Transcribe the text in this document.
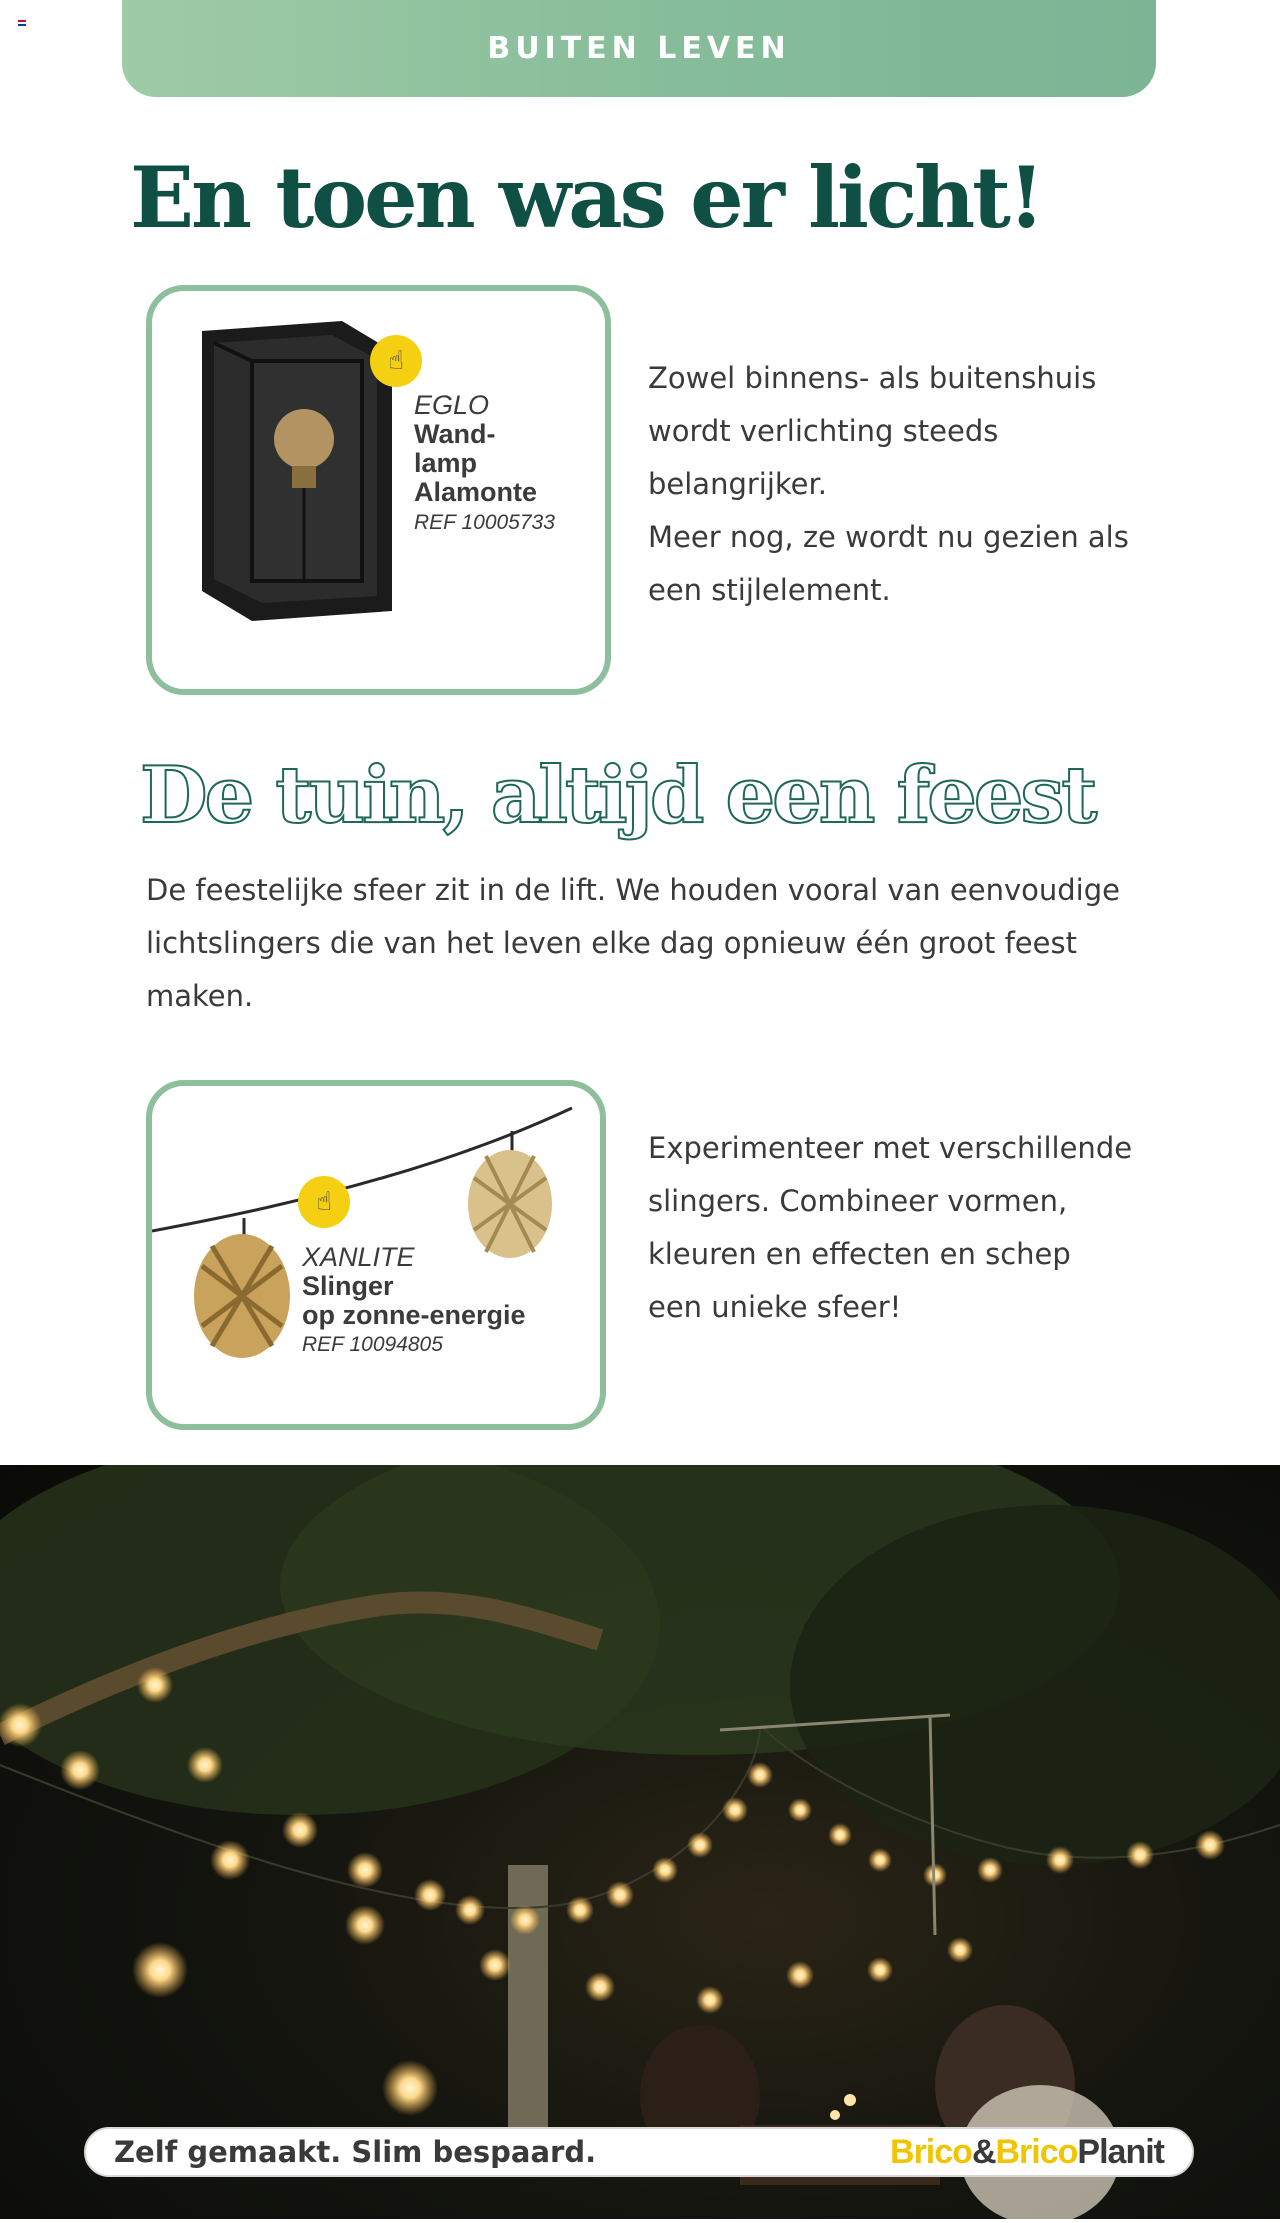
BUITEN LEVEN
En toen was er licht!
☝
EGLO
Wand-
lamp
Alamonte
REF 10005733
Zowel binnens- als buitenshuis
wordt verlichting steeds
belangrijker.
Meer nog, ze wordt nu gezien als
een stijlelement.
De tuin, altijd een feest
De feestelijke sfeer zit in de lift. We houden vooral van eenvoudige
lichtslingers die van het leven elke dag opnieuw één groot feest
maken.
☝
XANLITE
Slinger
op zonne-energie
REF 10094805
Experimenteer met verschillende
slingers. Combineer vormen,
kleuren en effecten en schep
een unieke sfeer!
Zelf gemaakt. Slim bespaard.	Brico&BricoPlanit
